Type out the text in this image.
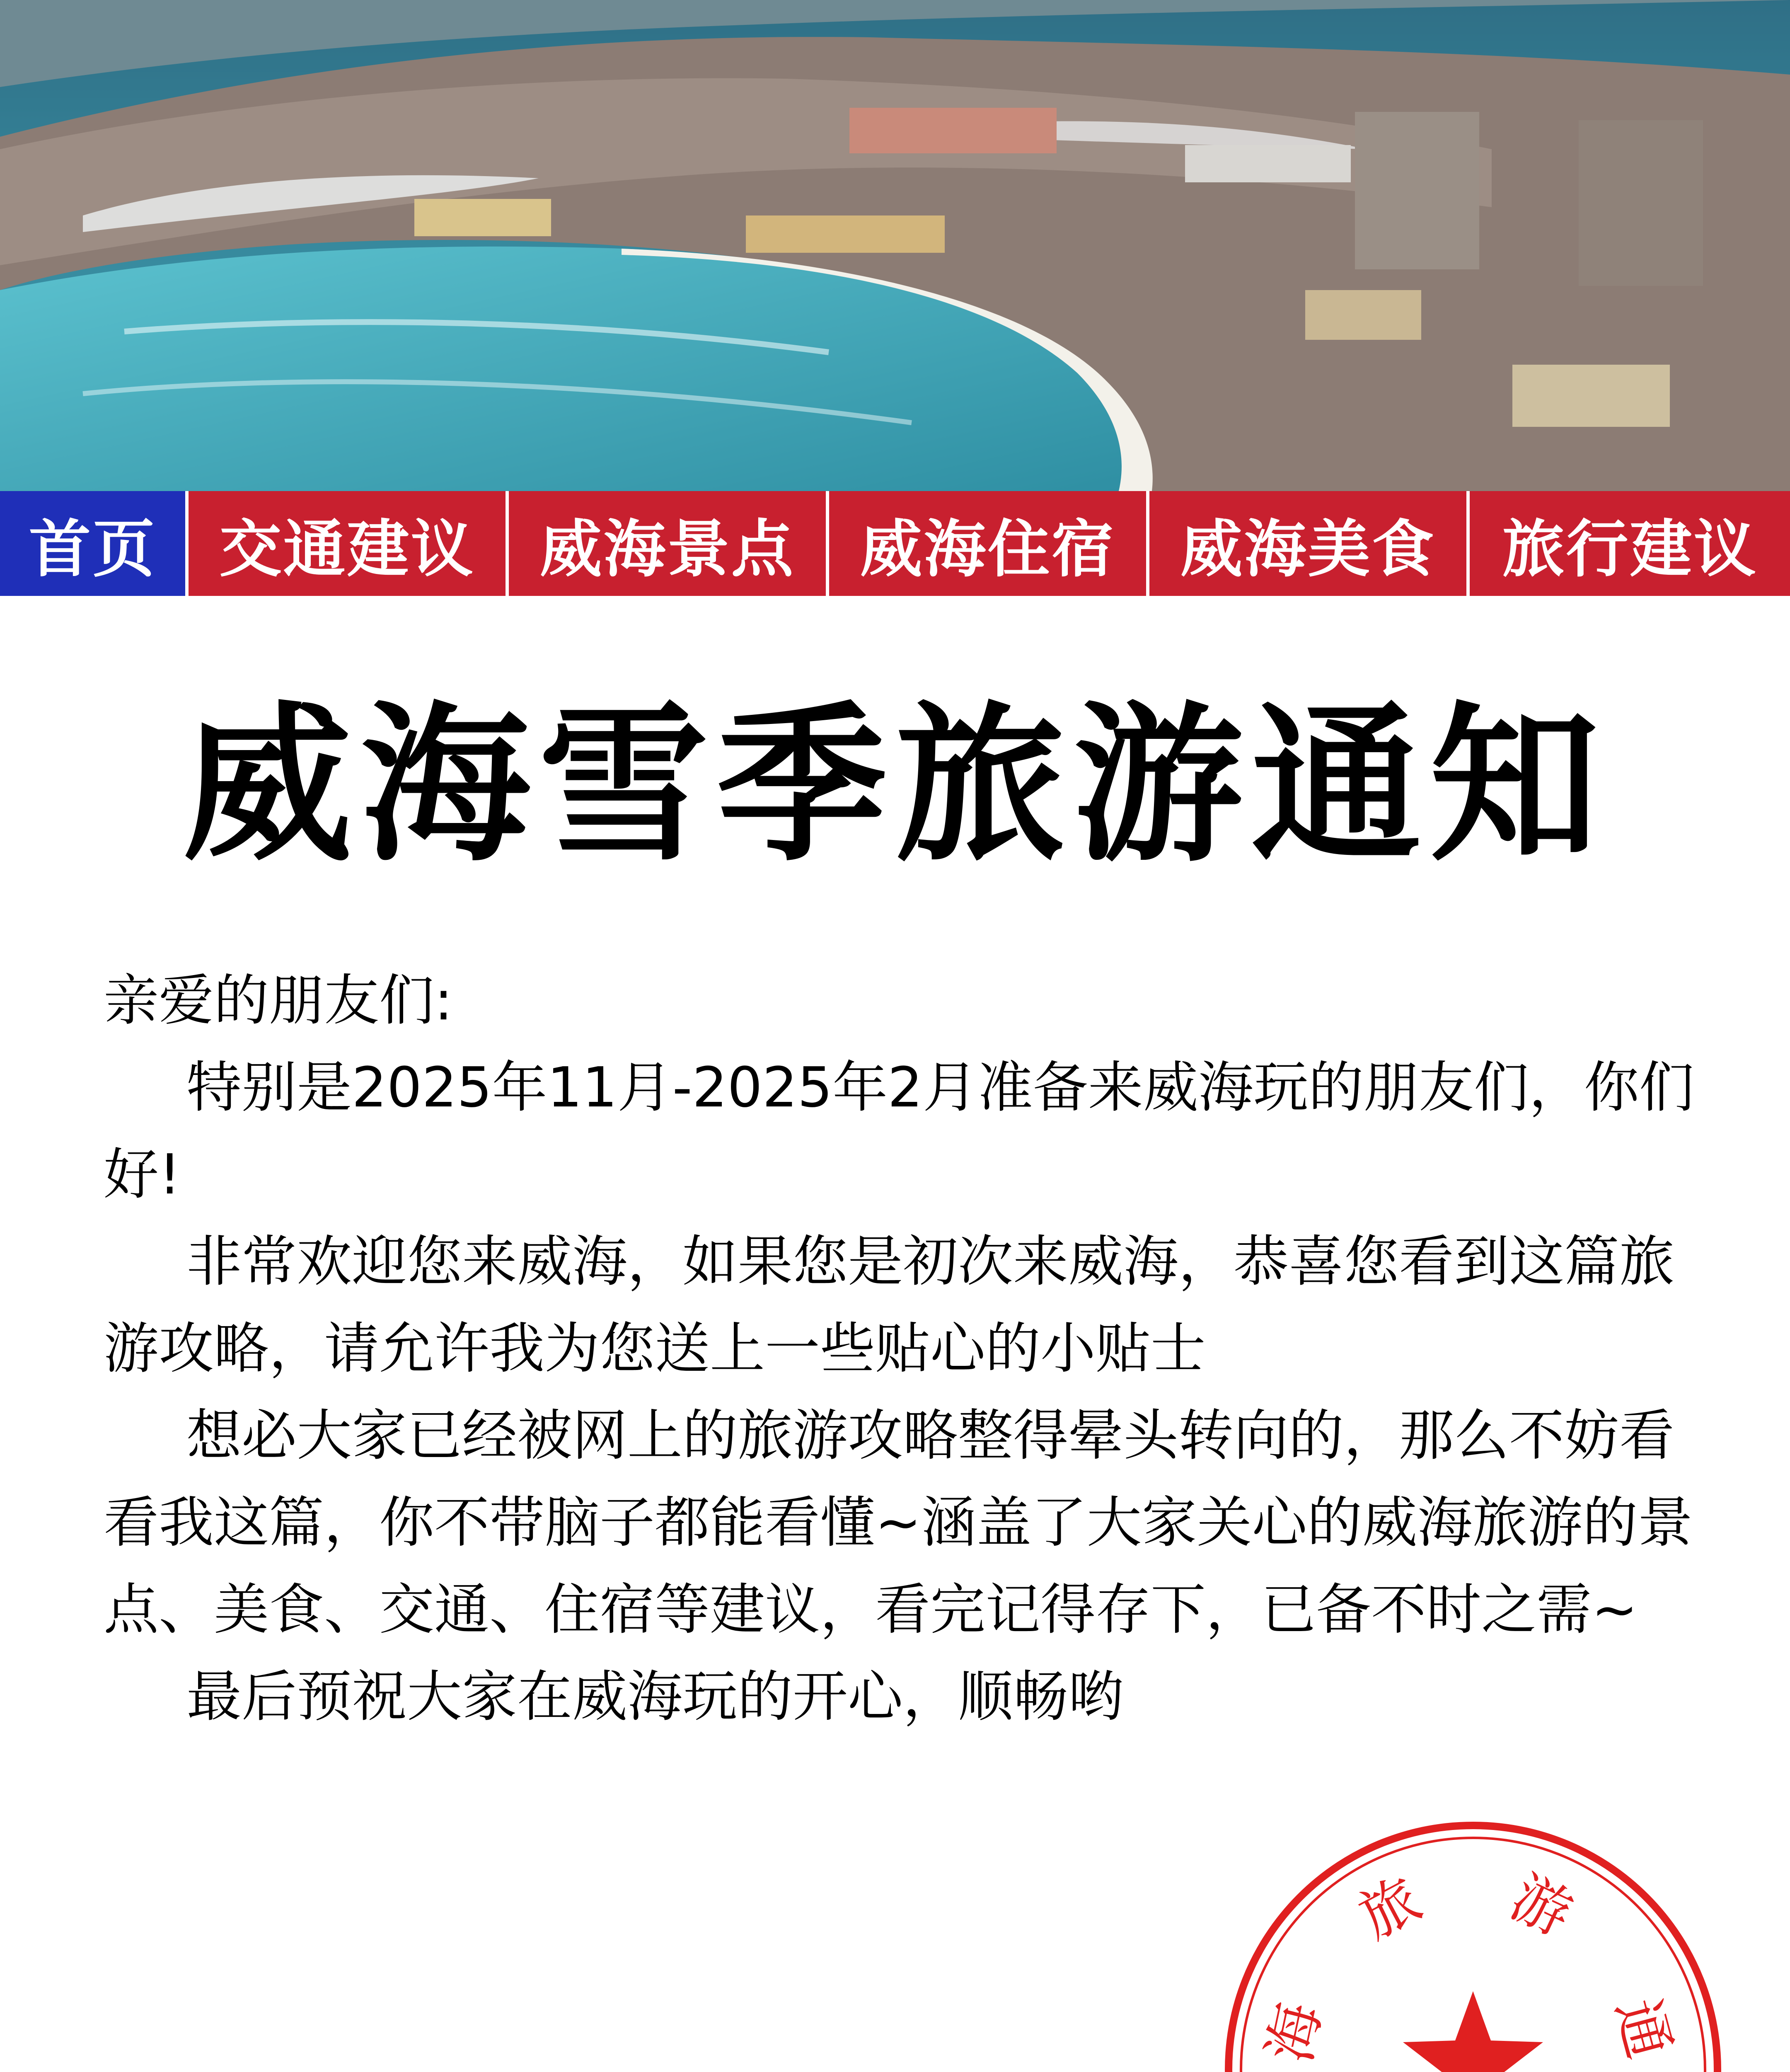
首页 交通建议 威海景点 威海住宿 威海美食 旅行建议
威海雪季旅游通知

亲爱的朋友们:

特别是2025年11月-2025年2月准备来威海玩的朋友们，你们好!

非常欢迎您来威海，如果您是初次来威海，恭喜您看到这篇旅游攻略，请允许我为您送上一些贴心的小贴士

想必大家已经被网上的旅游攻略整得晕头转向的，那么不妨看看我这篇，你不带脑子都能看懂~涵盖了大家关心的威海旅游的景点、美食、交通、住宿等建议，看完记得存下，已备不时之需~

最后预祝大家在威海玩的开心，顺畅哟

海
旅 游
通
